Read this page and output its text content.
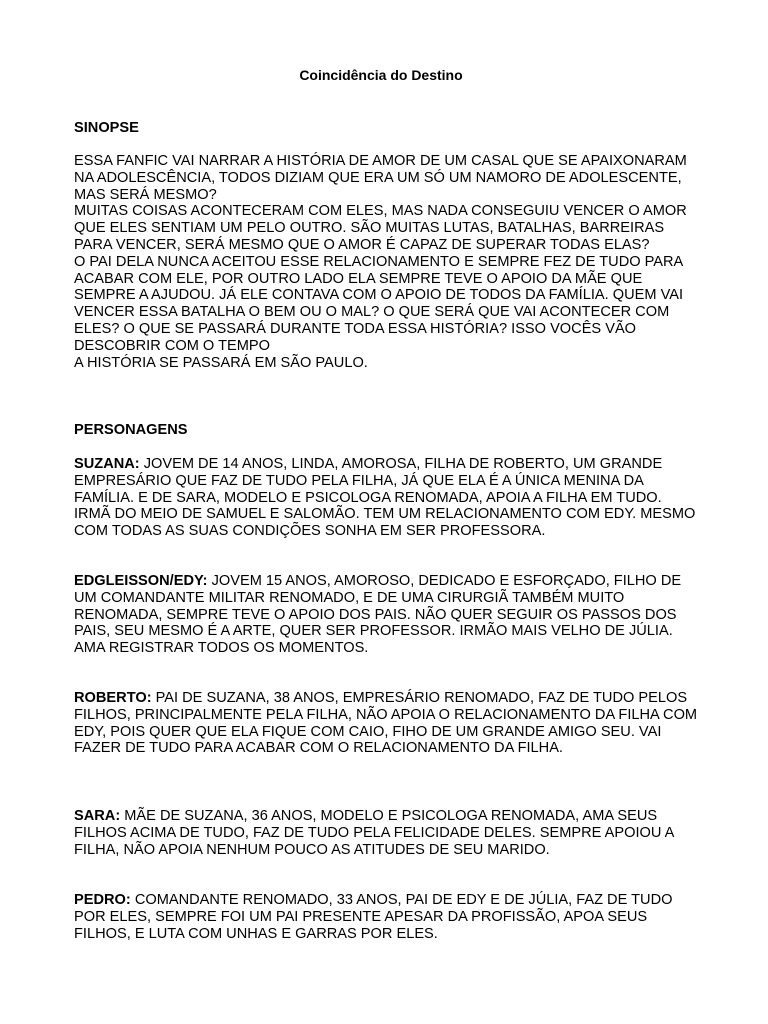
Coincidência do Destino
SINOPSE
ESSA FANFIC VAI NARRAR A HISTÓRIA DE AMOR DE UM CASAL QUE SE APAIXONARAM NA ADOLESCÊNCIA, TODOS DIZIAM QUE ERA UM SÓ UM NAMORO DE ADOLESCENTE, MAS SERÁ MESMO?
MUITAS COISAS ACONTECERAM COM ELES, MAS NADA CONSEGUIU VENCER O AMOR QUE ELES SENTIAM UM PELO OUTRO. SÃO MUITAS LUTAS, BATALHAS, BARREIRAS PARA VENCER, SERÁ MESMO QUE O AMOR É CAPAZ DE SUPERAR TODAS ELAS?
O PAI DELA NUNCA ACEITOU ESSE RELACIONAMENTO E SEMPRE FEZ DE TUDO PARA ACABAR COM ELE, POR OUTRO LADO ELA SEMPRE TEVE O APOIO DA MÃE QUE SEMPRE A AJUDOU. JÁ ELE CONTAVA COM O APOIO DE TODOS DA FAMÍLIA. QUEM VAI VENCER ESSA BATALHA O BEM OU O MAL? O QUE SERÁ QUE VAI ACONTECER COM ELES? O QUE SE PASSARÁ DURANTE TODA ESSA HISTÓRIA? ISSO VOCÊS VÃO DESCOBRIR COM O TEMPO
A HISTÓRIA SE PASSARÁ EM SÃO PAULO.
PERSONAGENS

SUZANA: JOVEM DE 14 ANOS, LINDA, AMOROSA, FILHA DE ROBERTO, UM GRANDE EMPRESÁRIO QUE FAZ DE TUDO PELA FILHA, JÁ QUE ELA É A ÚNICA MENINA DA FAMÍLIA. E DE SARA, MODELO E PSICOLOGA RENOMADA, APOIA A FILHA EM TUDO. IRMÃ DO MEIO DE SAMUEL E SALOMÃO. TEM UM RELACIONAMENTO COM EDY. MESMO COM TODAS AS SUAS CONDIÇÕES SONHA EM SER PROFESSORA.

EDGLEISSON/EDY: JOVEM 15 ANOS, AMOROSO, DEDICADO E ESFORÇADO, FILHO DE UM COMANDANTE MILITAR RENOMADO, E DE UMA CIRURGIÃ TAMBÉM MUITO RENOMADA, SEMPRE TEVE O APOIO DOS PAIS. NÃO QUER SEGUIR OS PASSOS DOS PAIS, SEU MESMO É A ARTE, QUER SER PROFESSOR. IRMÃO MAIS VELHO DE JÚLIA. AMA REGISTRAR TODOS OS MOMENTOS.

ROBERTO: PAI DE SUZANA, 38 ANOS, EMPRESÁRIO RENOMADO, FAZ DE TUDO PELOS FILHOS, PRINCIPALMENTE PELA FILHA, NÃO APOIA O RELACIONAMENTO DA FILHA COM EDY, POIS QUER QUE ELA FIQUE COM CAIO, FIHO DE UM GRANDE AMIGO SEU. VAI FAZER DE TUDO PARA ACABAR COM O RELACIONAMENTO DA FILHA.

SARA: MÃE DE SUZANA, 36 ANOS, MODELO E PSICOLOGA RENOMADA, AMA SEUS FILHOS ACIMA DE TUDO, FAZ DE TUDO PELA FELICIDADE DELES. SEMPRE APOIOU A FILHA, NÃO APOIA NENHUM POUCO AS ATITUDES DE SEU MARIDO.

PEDRO: COMANDANTE RENOMADO, 33 ANOS, PAI DE EDY E DE JÚLIA, FAZ DE TUDO POR ELES, SEMPRE FOI UM PAI PRESENTE APESAR DA PROFISSÃO, APOA SEUS FILHOS, E LUTA COM UNHAS E GARRAS POR ELES.
